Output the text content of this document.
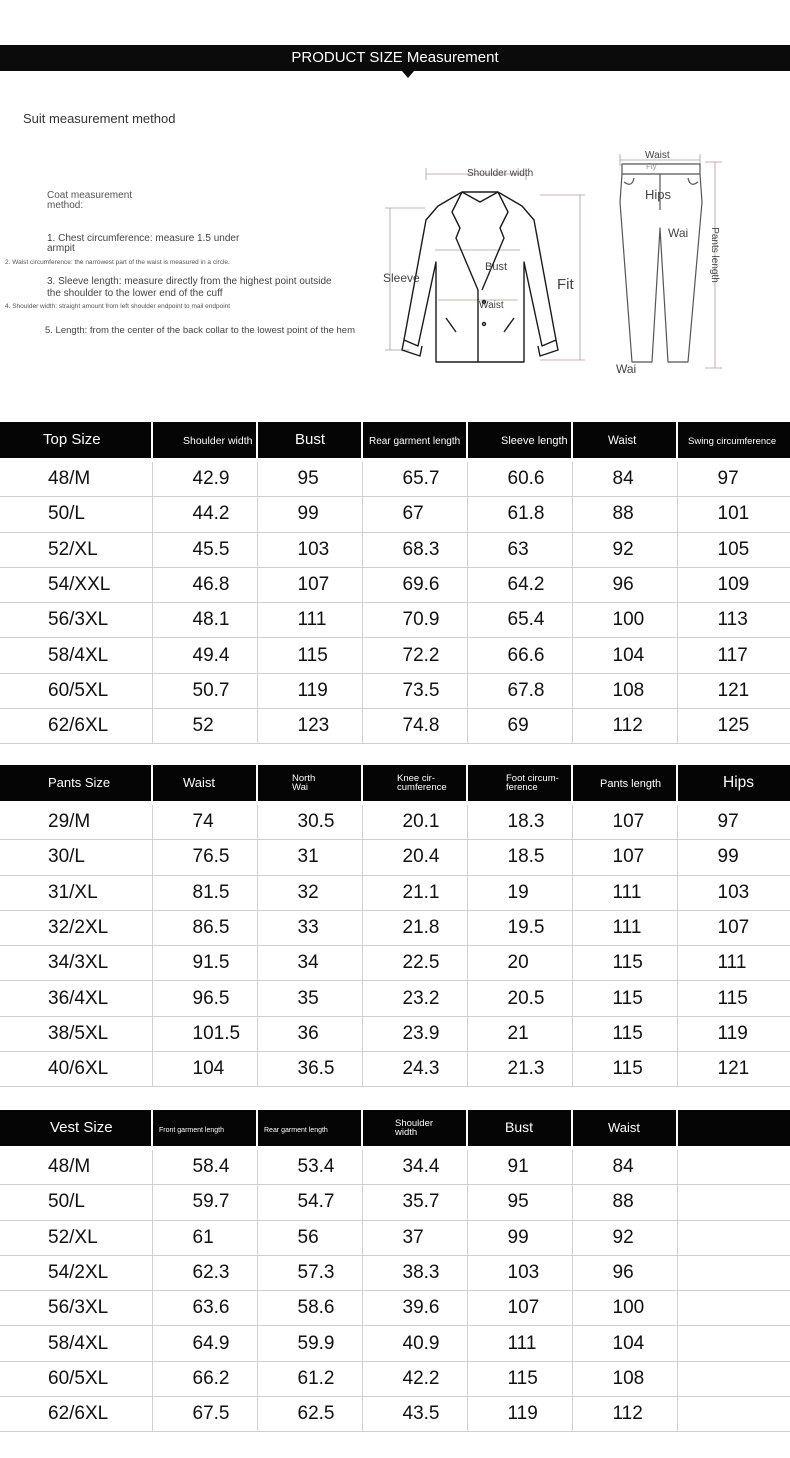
PRODUCT SIZE Measurement
Suit measurement method
Coat measurement method:
1. Chest circumference: measure 1.5 under armpit
2. Waist circumference: the narrowest part of the waist is measured in a circle.
3. Sleeve length: measure directly from the highest point outside the shoulder to the lower end of the cuff
4. Shoulder width: straight amount from left shoulder endpoint to mail endpoint
5. Length: from the center of the back collar to the lowest point of the hem
Shoulder width
Sleeve
Bust
Waist
Fit
Waist
Fly
Hips
Wai Pants length
Wai
Top Size	Shoulder width	Bust	Rear garment length	Sleeve length	Waist	Swing circumference

48/M	42.9	95	65.7	60.6	84	97
50/L	44.2	99	67	61.8	88	101
52/XL	45.5	103	68.3	63	92	105
54/XXL	46.8	107	69.6	64.2	96	109
56/3XL	48.1	111	70.9	65.4	100	113
58/4XL	49.4	115	72.2	66.6	104	117
60/5XL	50.7	119	73.5	67.8	108	121
62/6XL	52	123	74.8	69	112	125
Pants Size	Waist	North Wai	Knee cir-cumference	Foot circum-ference	Pants length	Hips

29/M	74	30.5	20.1	18.3	107	97
30/L	76.5	31	20.4	18.5	107	99
31/XL	81.5	32	21.1	19	111	103
32/2XL	86.5	33	21.8	19.5	111	107
34/3XL	91.5	34	22.5	20	115	111
36/4XL	96.5	35	23.2	20.5	115	115
38/5XL	101.5	36	23.9	21	115	119
40/6XL	104	36.5	24.3	21.3	115	121
Vest Size	Front garment length	Rear garment length	Shoulder width	Bust	Waist	

48/M	58.4	53.4	34.4	91	84	
50/L	59.7	54.7	35.7	95	88	
52/XL	61	56	37	99	92	
54/2XL	62.3	57.3	38.3	103	96	
56/3XL	63.6	58.6	39.6	107	100	
58/4XL	64.9	59.9	40.9	111	104	
60/5XL	66.2	61.2	42.2	115	108	
62/6XL	67.5	62.5	43.5	119	112	
